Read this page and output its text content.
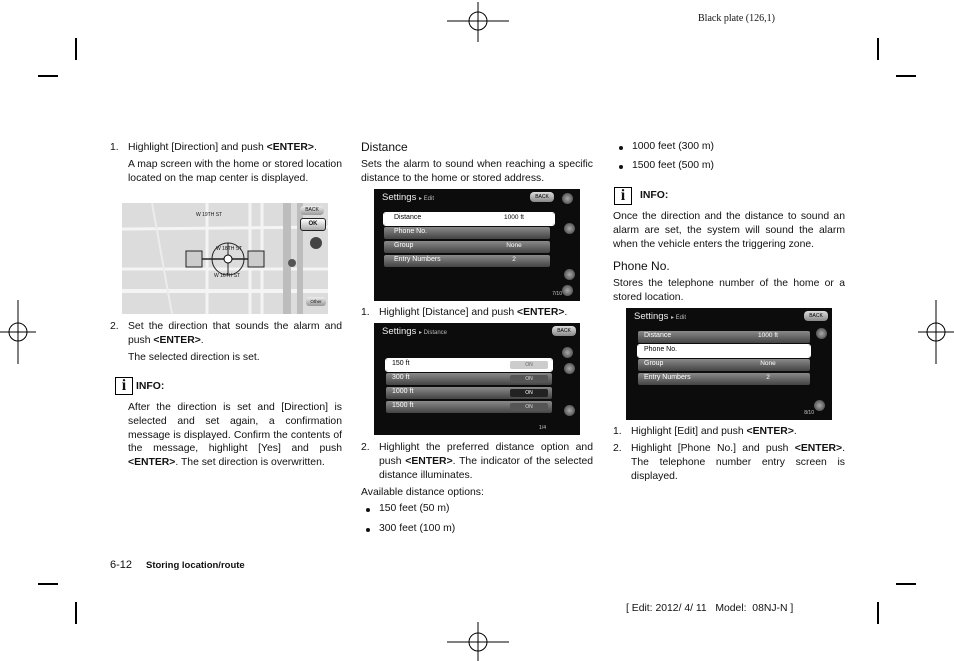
Black plate (126,1)
1. Highlight [Direction] and push <ENTER>.
A map screen with the home or stored location located on the map center is displayed.
W 19TH ST
W 18TH ST
W 16TH ST
BACK
OK
Other
2. Set the direction that sounds the alarm and push <ENTER>.
The selected direction is set.
i INFO:
After the direction is set and [Direction] is selected and set again, a confirmation message is displayed. Confirm the contents of the message, highlight [Yes] and push <ENTER>. The set direction is overwritten.
Distance
Sets the alarm to sound when reaching a specific distance to the home or stored address.
Settings ▸ Edit	BACK
Distance	1000 ft
Phone No.
Group	None
Entry Numbers	2
7/10
1. Highlight [Distance] and push <ENTER>.
Settings ▸ Distance	BACK
150 ft	ON
300 ft	ON
1000 ft	ON
1500 ft	ON
1/4
2. Highlight the preferred distance option and push <ENTER>. The indicator of the selected distance illuminates.
Available distance options:
150 feet (50 m)
300 feet (100 m)
1000 feet (300 m)
1500 feet (500 m)
i	INFO:
Once the direction and the distance to sound an alarm are set, the system will sound the alarm when the vehicle enters the triggering zone.
Phone No.
Stores the telephone number of the home or a stored location.
Settings ▸ Edit	BACK
Distance	1000 ft
Phone No.
Group	None
Entry Numbers	2
8/10
1. Highlight [Edit] and push <ENTER>.
2. Highlight [Phone No.] and push <ENTER>. The telephone number entry screen is displayed.
6-12 Storing location/route
[ Edit: 2012/ 4/ 11   Model:  08NJ-N ]
